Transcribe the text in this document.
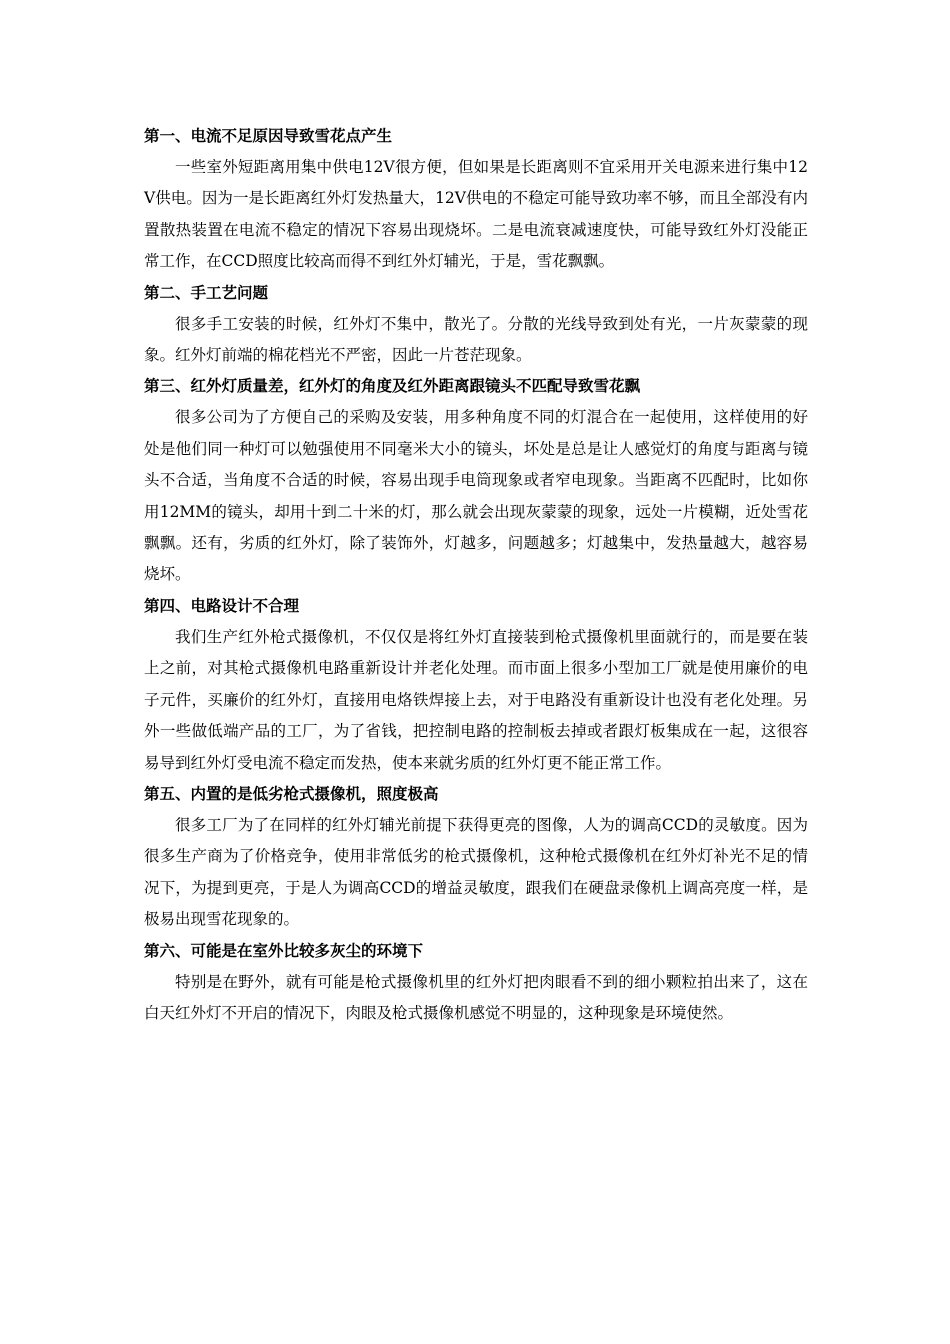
第一、电流不足原因导致雪花点产生

一些室外短距离用集中供电12V很方便，但如果是长距离则不宜采用开关电源来进行集中12V供电。因为一是长距离红外灯发热量大，12V供电的不稳定可能导致功率不够，而且全部没有内置散热装置在电流不稳定的情况下容易出现烧坏。二是电流衰减速度快，可能导致红外灯没能正常工作，在CCD照度比较高而得不到红外灯辅光，于是，雪花飘飘。

第二、手工艺问题

很多手工安装的时候，红外灯不集中，散光了。分散的光线导致到处有光，一片灰蒙蒙的现象。红外灯前端的棉花档光不严密，因此一片苍茫现象。

第三、红外灯质量差，红外灯的角度及红外距离跟镜头不匹配导致雪花飘

很多公司为了方便自己的采购及安装，用多种角度不同的灯混合在一起使用，这样使用的好处是他们同一种灯可以勉强使用不同毫米大小的镜头，坏处是总是让人感觉灯的角度与距离与镜头不合适，当角度不合适的时候，容易出现手电筒现象或者窄电现象。当距离不匹配时，比如你用12MM的镜头，却用十到二十米的灯，那么就会出现灰蒙蒙的现象，远处一片模糊，近处雪花飘飘。还有，劣质的红外灯，除了装饰外，灯越多，问题越多；灯越集中，发热量越大，越容易烧坏。

第四、电路设计不合理

我们生产红外枪式摄像机，不仅仅是将红外灯直接装到枪式摄像机里面就行的，而是要在装上之前，对其枪式摄像机电路重新设计并老化处理。而市面上很多小型加工厂就是使用廉价的电子元件，买廉价的红外灯，直接用电烙铁焊接上去，对于电路没有重新设计也没有老化处理。另外一些做低端产品的工厂，为了省钱，把控制电路的控制板去掉或者跟灯板集成在一起，这很容易导到红外灯受电流不稳定而发热，使本来就劣质的红外灯更不能正常工作。

第五、内置的是低劣枪式摄像机，照度极高

很多工厂为了在同样的红外灯辅光前提下获得更亮的图像，人为的调高CCD的灵敏度。因为很多生产商为了价格竞争，使用非常低劣的枪式摄像机，这种枪式摄像机在红外灯补光不足的情况下，为提到更亮，于是人为调高CCD的增益灵敏度，跟我们在硬盘录像机上调高亮度一样，是极易出现雪花现象的。

第六、可能是在室外比较多灰尘的环境下

特别是在野外，就有可能是枪式摄像机里的红外灯把肉眼看不到的细小颗粒拍出来了，这在白天红外灯不开启的情况下，肉眼及枪式摄像机感觉不明显的，这种现象是环境使然。
